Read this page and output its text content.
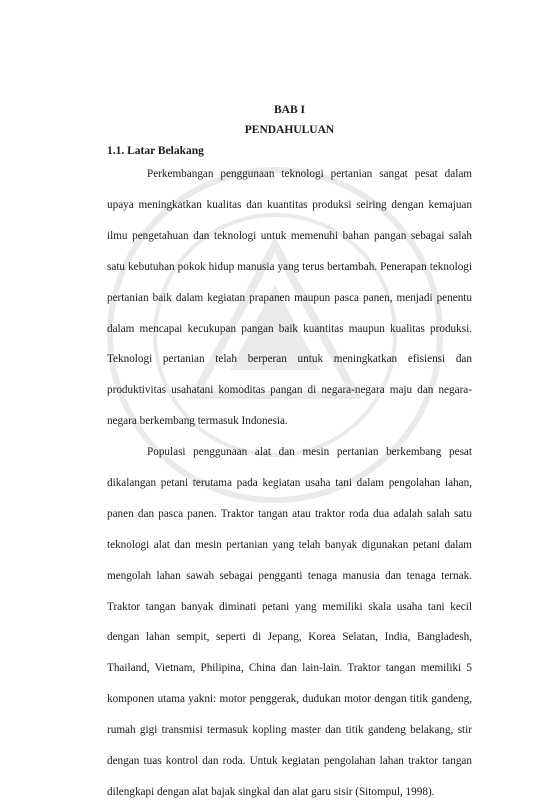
BAB I
PENDAHULUAN
1.1. Latar Belakang

Perkembangan penggunaan teknologi pertanian sangat pesat dalam upaya meningkatkan kualitas dan kuantitas produksi seiring dengan kemajuan ilmu pengetahuan dan teknologi untuk memenuhi bahan pangan sebagai salah satu kebutuhan pokok hidup manusia yang terus bertambah. Penerapan teknologi pertanian baik dalam kegiatan prapanen maupun pasca panen, menjadi penentu dalam mencapai kecukupan pangan baik kuantitas maupun kualitas produksi. Teknologi pertanian telah berperan untuk meningkatkan efisiensi dan produktivitas usahatani komoditas pangan di negara-negara maju dan negara-negara berkembang termasuk Indonesia.

Populasi penggunaan alat dan mesin pertanian berkembang pesat dikalangan petani terutama pada kegiatan usaha tani dalam pengolahan lahan, panen dan pasca panen. Traktor tangan atau traktor roda dua adalah salah satu teknologi alat dan mesin pertanian yang telah banyak digunakan petani dalam mengolah lahan sawah sebagai pengganti tenaga manusia dan tenaga ternak. Traktor tangan banyak diminati petani yang memiliki skala usaha tani kecil dengan lahan sempit, seperti di Jepang, Korea Selatan, India, Bangladesh, Thailand, Vietnam, Philipina, China dan lain-lain. Traktor tangan memiliki 5 komponen utama yakni: motor penggerak, dudukan motor dengan titik gandeng, rumah gigi transmisi termasuk kopling master dan titik gandeng belakang, stir dengan tuas kontrol dan roda. Untuk kegiatan pengolahan lahan traktor tangan dilengkapi dengan alat bajak singkal dan alat garu sisir (Sitompul, 1998).
